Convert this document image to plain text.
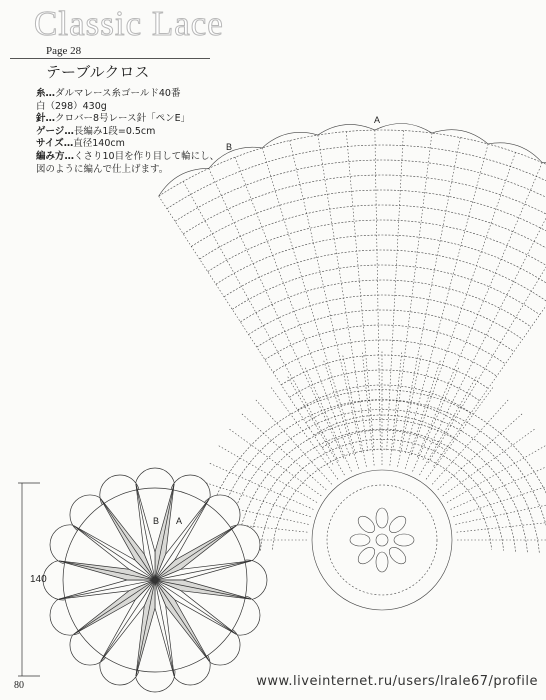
Classic Lace
Page 28
テーブルクロス
糸…ダルマレース糸ゴールド40番
白（298）430g
針…クロバー8号レース針「ペンE」
ゲージ…長編み1段=0.5cm
サイズ…直径140cm
編み方…くさり10目を作り目して輪にし、
図のように編んで仕上げます。
A
B
B A
140
80	www.liveinternet.ru/users/lrale67/profile
